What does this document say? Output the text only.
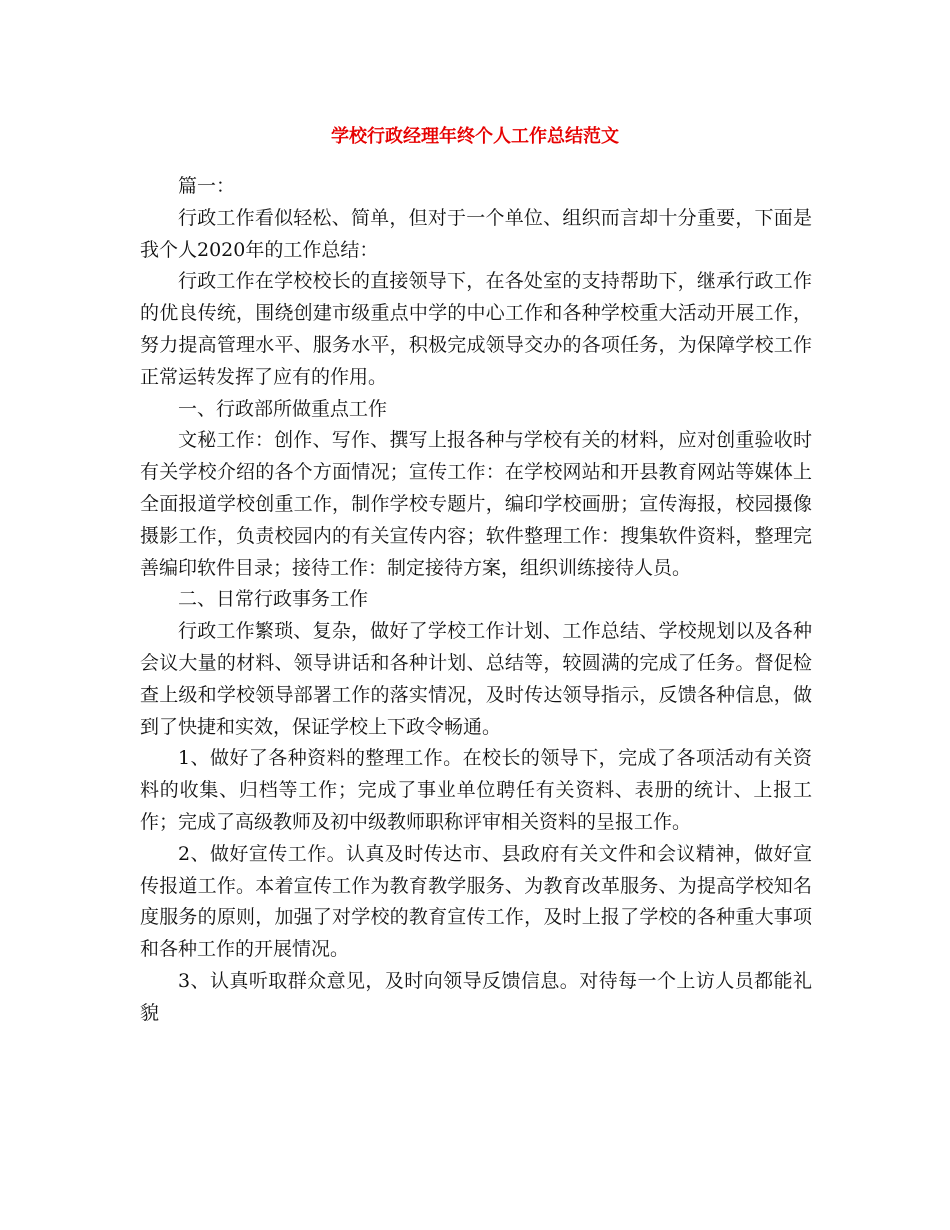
学校行政经理年终个人工作总结范文

篇一：

行政工作看似轻松、简单，但对于一个单位、组织而言却十分重要，下面是我个人2020年的工作总结：

行政工作在学校校长的直接领导下，在各处室的支持帮助下，继承行政工作的优良传统，围绕创建市级重点中学的中心工作和各种学校重大活动开展工作，努力提高管理水平、服务水平，积极完成领导交办的各项任务，为保障学校工作正常运转发挥了应有的作用。

一、行政部所做重点工作

文秘工作：创作、写作、撰写上报各种与学校有关的材料，应对创重验收时有关学校介绍的各个方面情况；宣传工作：在学校网站和开县教育网站等媒体上全面报道学校创重工作，制作学校专题片，编印学校画册；宣传海报，校园摄像摄影工作，负责校园内的有关宣传内容；软件整理工作：搜集软件资料，整理完善编印软件目录；接待工作：制定接待方案，组织训练接待人员。

二、日常行政事务工作

行政工作繁琐、复杂，做好了学校工作计划、工作总结、学校规划以及各种会议大量的材料、领导讲话和各种计划、总结等，较圆满的完成了任务。督促检查上级和学校领导部署工作的落实情况，及时传达领导指示，反馈各种信息，做到了快捷和实效，保证学校上下政令畅通。

1、做好了各种资料的整理工作。在校长的领导下，完成了各项活动有关资料的收集、归档等工作；完成了事业单位聘任有关资料、表册的统计、上报工作；完成了高级教师及初中级教师职称评审相关资料的呈报工作。

2、做好宣传工作。认真及时传达市、县政府有关文件和会议精神，做好宣传报道工作。本着宣传工作为教育教学服务、为教育改革服务、为提高学校知名度服务的原则，加强了对学校的教育宣传工作，及时上报了学校的各种重大事项和各种工作的开展情况。

3、认真听取群众意见，及时向领导反馈信息。对待每一个上访人员都能礼貌
